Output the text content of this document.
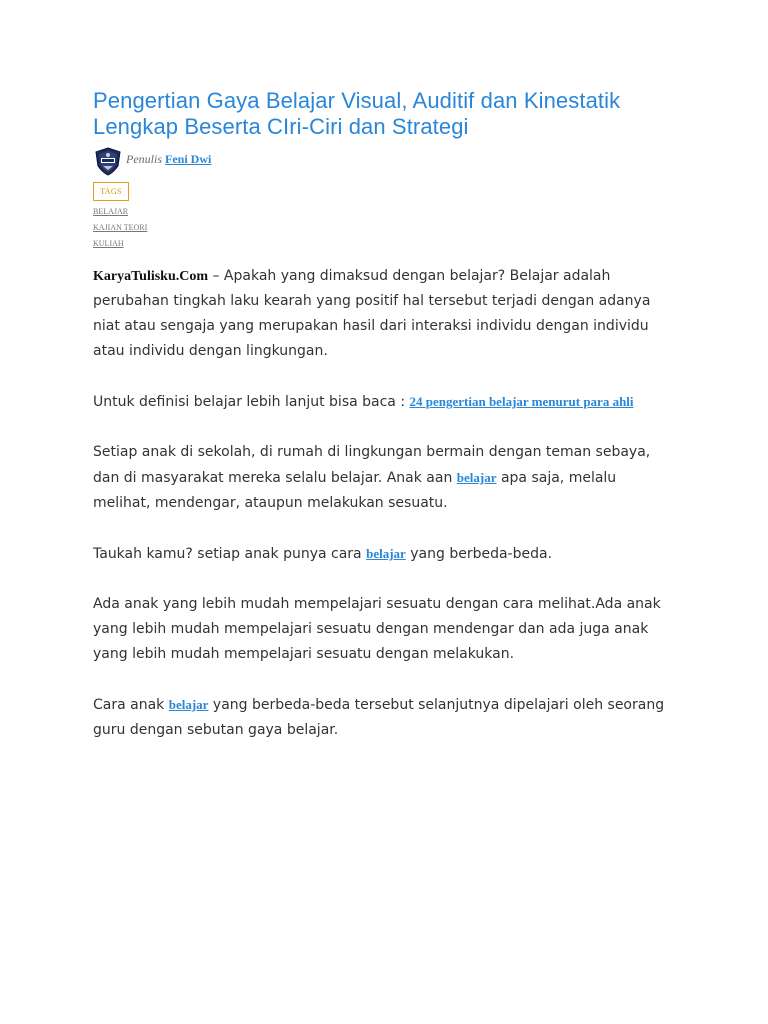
Pengertian Gaya Belajar Visual, Auditif dan Kinestatik Lengkap Beserta CIri-Ciri dan Strategi
Penulis Feni Dwi
TAGS
BELAJAR
KAJIAN TEORI
KULIAH

KaryaTulisku.Com – Apakah yang dimaksud dengan belajar? Belajar adalah perubahan tingkah laku kearah yang positif hal tersebut terjadi dengan adanya niat atau sengaja yang merupakan hasil dari interaksi individu dengan individu atau individu dengan lingkungan.

Untuk definisi belajar lebih lanjut bisa baca : 24 pengertian belajar menurut para ahli

Setiap anak di sekolah, di rumah di lingkungan bermain dengan teman sebaya, dan di masyarakat mereka selalu belajar. Anak aan belajar apa saja, melalu melihat, mendengar, ataupun melakukan sesuatu.

Taukah kamu? setiap anak punya cara belajar yang berbeda-beda.

Ada anak yang lebih mudah mempelajari sesuatu dengan cara melihat.Ada anak yang lebih mudah mempelajari sesuatu dengan mendengar dan ada juga anak yang lebih mudah mempelajari sesuatu dengan melakukan.

Cara anak belajar yang berbeda-beda tersebut selanjutnya dipelajari oleh seorang guru dengan sebutan gaya belajar.
